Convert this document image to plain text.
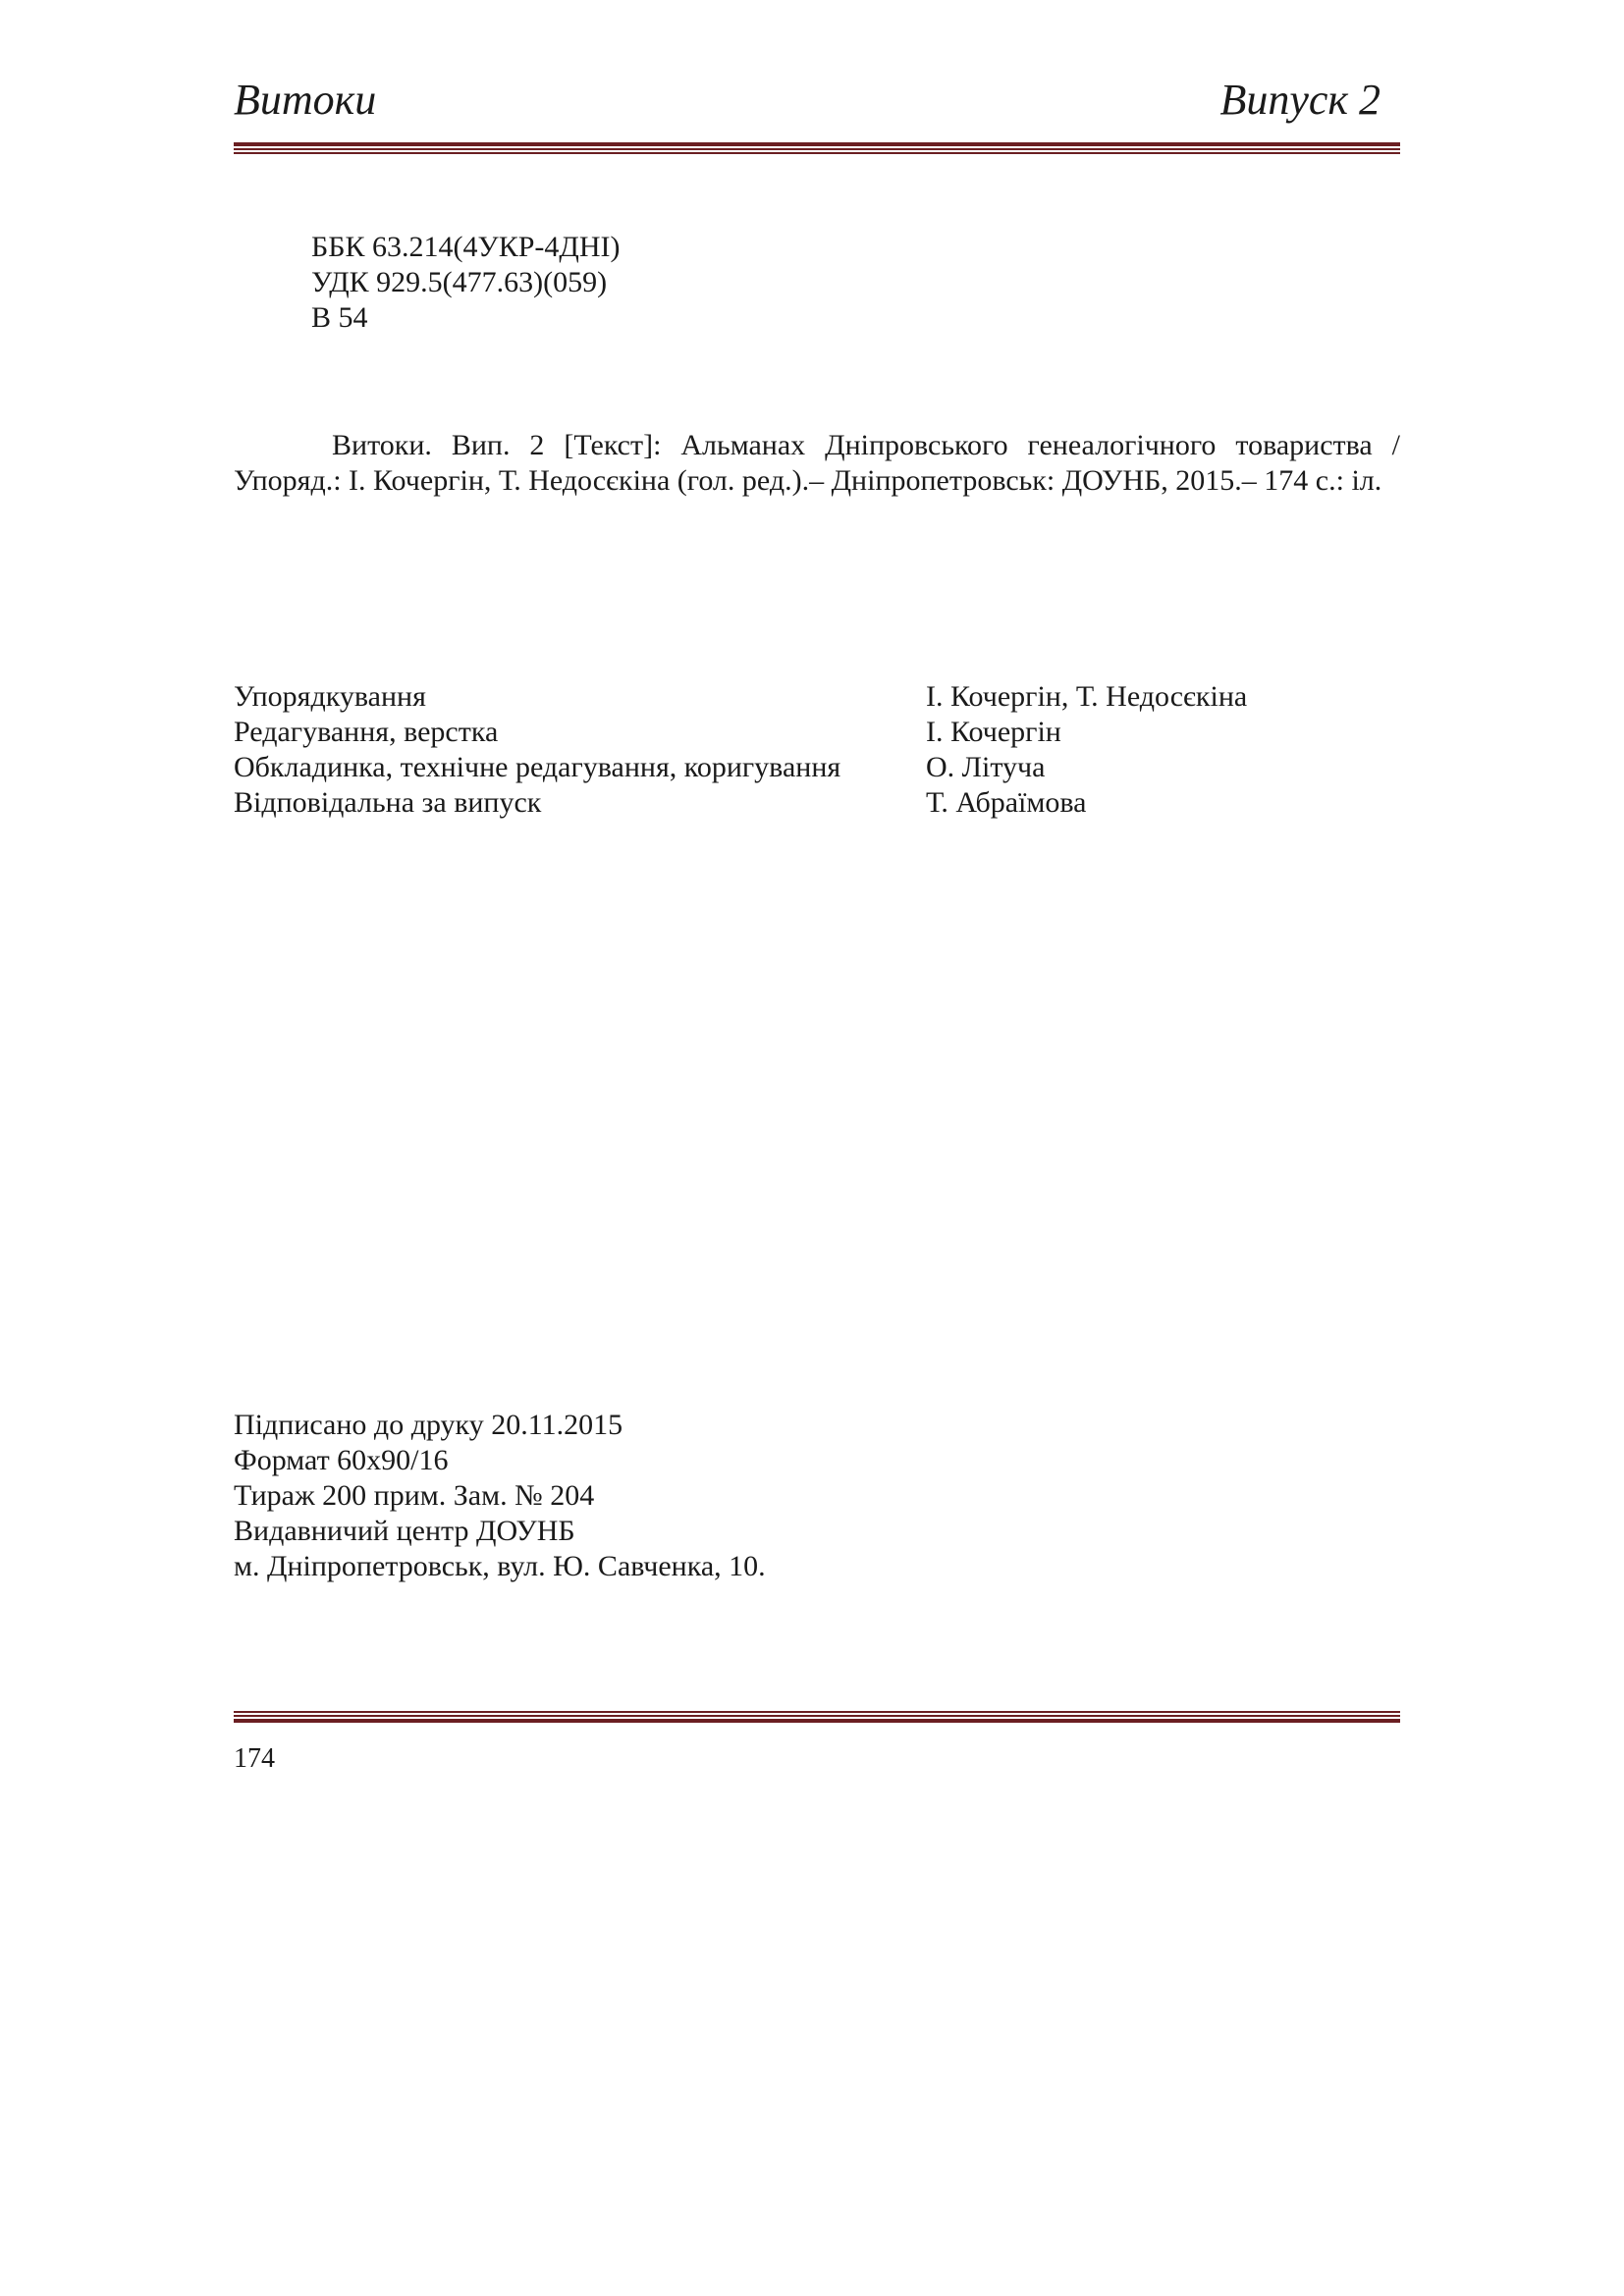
Витоки	Випуск 2
ББК 63.214(4УКР-4ДНІ)
УДК 929.5(477.63)(059)
В 54
Витоки. Вип. 2 [Текст]: Альманах Дніпровського генеалогічного товариства / Упоряд.: І. Кочергін, Т. Недосєкіна (гол. ред.).– Дніпропетровськ: ДОУНБ, 2015.– 174 с.: іл.
Упорядкування	І. Кочергін, Т. Недосєкіна
Редагування, верстка	І. Кочергін
Обкладинка, технічне редагування, коригування	О. Літуча
Відповідальна за випуск	Т. Абраїмова
Підписано до друку 20.11.2015
Формат 60х90/16
Тираж 200 прим. Зам. № 204
Видавничий центр ДОУНБ
м. Дніпропетровськ, вул. Ю. Савченка, 10.
174
